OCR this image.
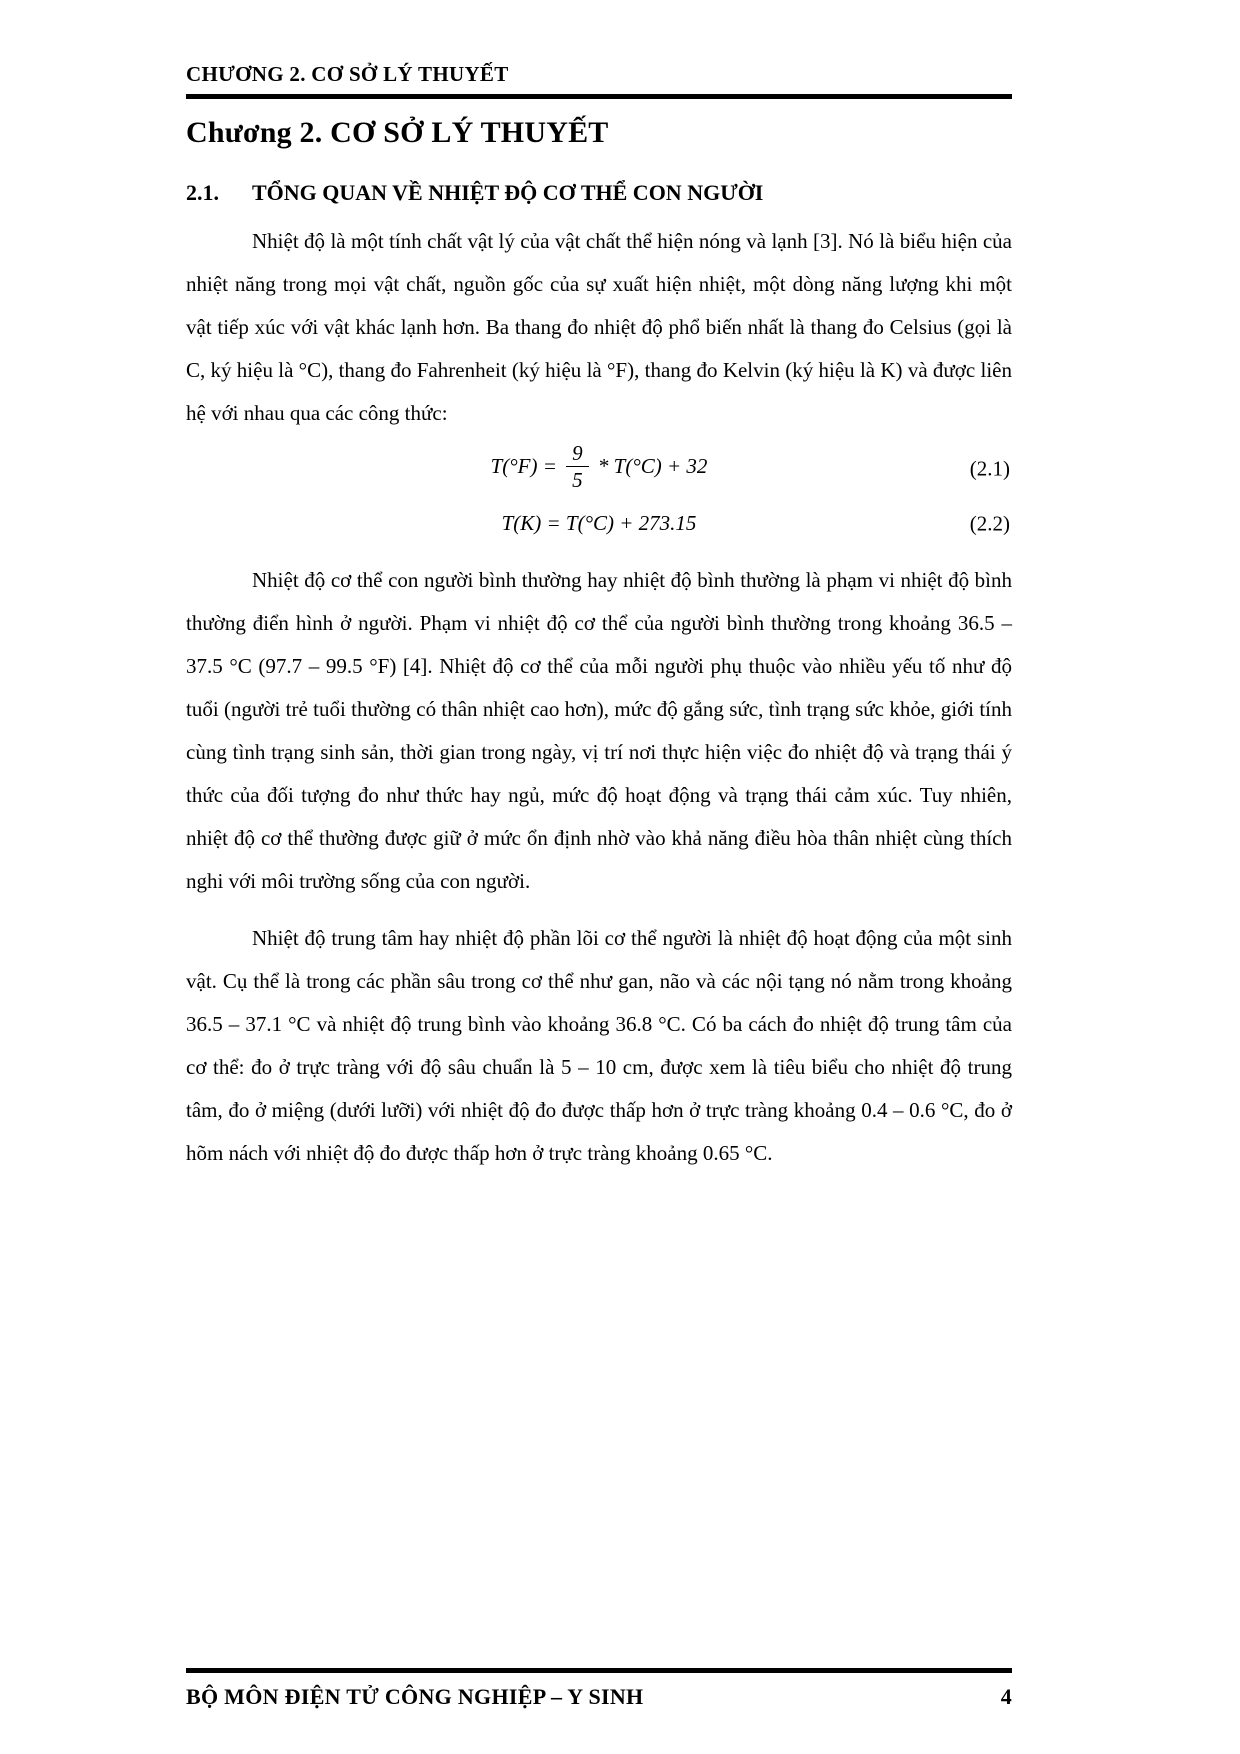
CHƯƠNG 2. CƠ SỞ LÝ THUYẾT
Chương 2. CƠ SỞ LÝ THUYẾT
2.1. TỔNG QUAN VỀ NHIỆT ĐỘ CƠ THỂ CON NGƯỜI

Nhiệt độ là một tính chất vật lý của vật chất thể hiện nóng và lạnh [3]. Nó là biểu hiện của nhiệt năng trong mọi vật chất, nguồn gốc của sự xuất hiện nhiệt, một dòng năng lượng khi một vật tiếp xúc với vật khác lạnh hơn. Ba thang đo nhiệt độ phổ biến nhất là thang đo Celsius (gọi là C, ký hiệu là °C), thang đo Fahrenheit (ký hiệu là °F), thang đo Kelvin (ký hiệu là K) và được liên hệ với nhau qua các công thức:

$T(^\circ F) = \frac{9}{5} * T(^\circ C) + 32$	(2.1)
T(K) = T(°C) + 273.15	(2.2)

Nhiệt độ cơ thể con người bình thường hay nhiệt độ bình thường là phạm vi nhiệt độ bình thường điển hình ở người. Phạm vi nhiệt độ cơ thể của người bình thường trong khoảng 36.5 – 37.5 °C (97.7 – 99.5 °F) [4]. Nhiệt độ cơ thể của mỗi người phụ thuộc vào nhiều yếu tố như độ tuổi (người trẻ tuổi thường có thân nhiệt cao hơn), mức độ gắng sức, tình trạng sức khỏe, giới tính cùng tình trạng sinh sản, thời gian trong ngày, vị trí nơi thực hiện việc đo nhiệt độ và trạng thái ý thức của đối tượng đo như thức hay ngủ, mức độ hoạt động và trạng thái cảm xúc. Tuy nhiên, nhiệt độ cơ thể thường được giữ ở mức ổn định nhờ vào khả năng điều hòa thân nhiệt cùng thích nghi với môi trường sống của con người.

Nhiệt độ trung tâm hay nhiệt độ phần lõi cơ thể người là nhiệt độ hoạt động của một sinh vật. Cụ thể là trong các phần sâu trong cơ thể như gan, não và các nội tạng nó nằm trong khoảng 36.5 – 37.1 °C và nhiệt độ trung bình vào khoảng 36.8 °C. Có ba cách đo nhiệt độ trung tâm của cơ thể: đo ở trực tràng với độ sâu chuẩn là 5 – 10 cm, được xem là tiêu biểu cho nhiệt độ trung tâm, đo ở miệng (dưới lưỡi) với nhiệt độ đo được thấp hơn ở trực tràng khoảng 0.4 – 0.6 °C, đo ở hõm nách với nhiệt độ đo được thấp hơn ở trực tràng khoảng 0.65 °C.

BỘ MÔN ĐIỆN TỬ CÔNG NGHIỆP – Y SINH	4
